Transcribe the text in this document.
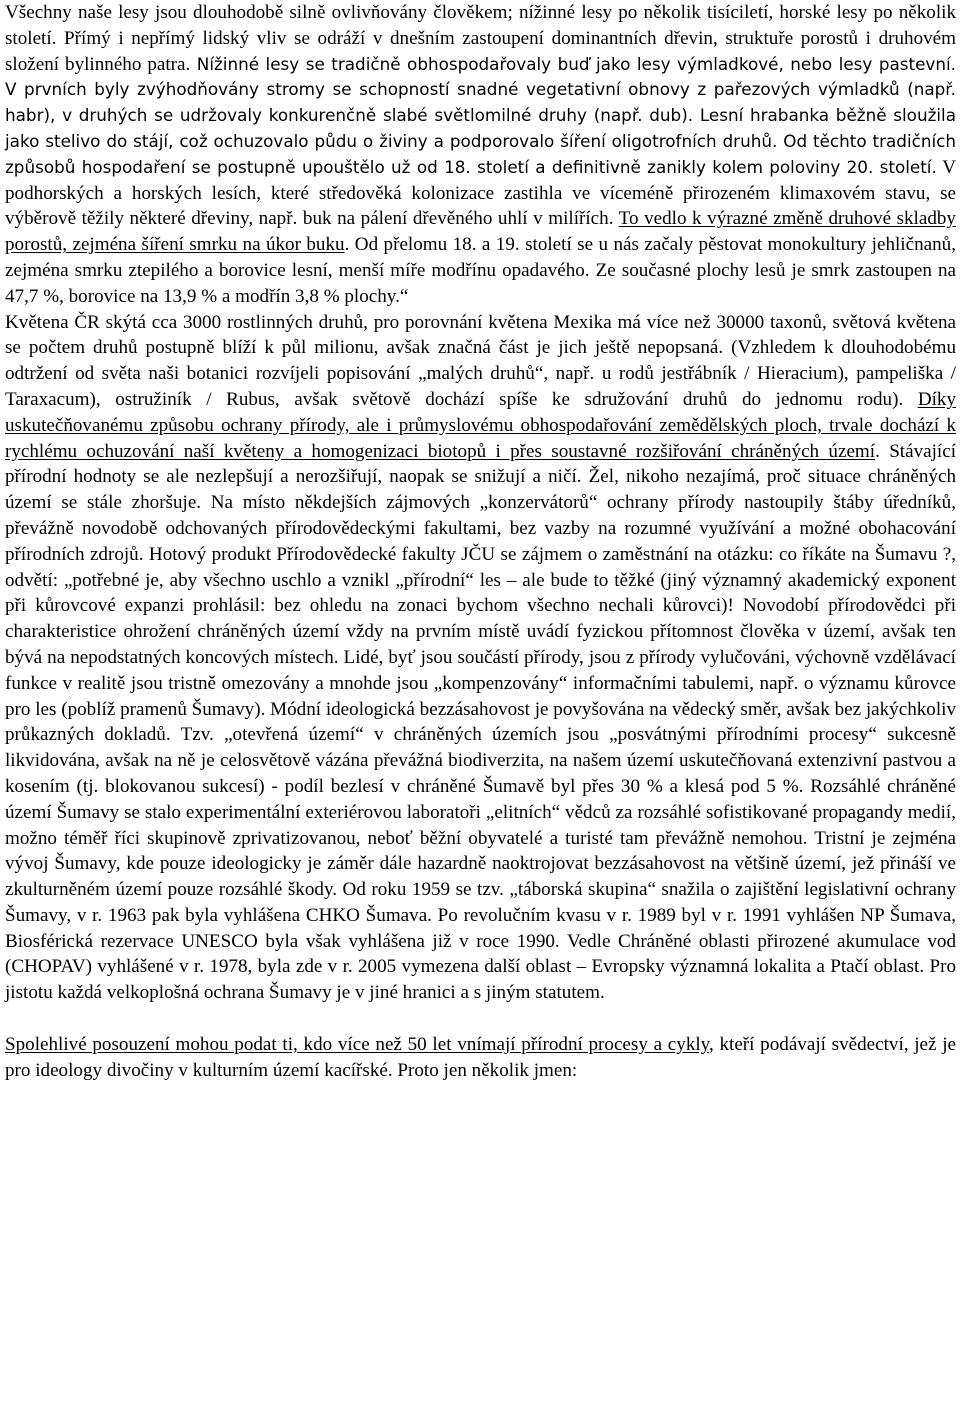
Všechny naše lesy jsou dlouhodobě silně ovlivňovány člověkem; nížinné lesy po několik tisíciletí, horské lesy po několik století. Přímý i nepřímý lidský vliv se odráží v dnešním zastoupení dominantních dřevin, struktuře porostů i druhovém složení bylinného patra. Nížinné lesy se tradičně obhospodařovaly buď jako lesy výmladkové, nebo lesy pastevní. V prvních byly zvýhodňovány stromy se schopností snadné vegetativní obnovy z pařezových výmladků (např. habr), v druhých se udržovaly konkurenčně slabé světlomilné druhy (např. dub). Lesní hrabanka běžně sloužila jako stelivo do stájí, což ochuzovalo půdu o živiny a podporovalo šíření oligotrofních druhů. Od těchto tradičních způsobů hospodaření se postupně upouštělo už od 18. století a definitivně zanikly kolem poloviny 20. století. V podhorských a horských lesích, které středověká kolonizace zastihla ve víceméně přirozeném klimaxovém stavu, se výběrově těžily některé dřeviny, např. buk na pálení dřevěného uhlí v milířích. To vedlo k výrazné změně druhové skladby porostů, zejména šíření smrku na úkor buku. Od přelomu 18. a 19. století se u nás začaly pěstovat monokultury jehličnanů, zejména smrku ztepilého a borovice lesní, menší míře modřínu opadavého. Ze současné plochy lesů je smrk zastoupen na 47,7 %, borovice na 13,9 % a modřín 3,8 % plochy.“

Květena ČR skýtá cca 3000 rostlinných druhů, pro porovnání květena Mexika má více než 30000 taxonů, světová květena se počtem druhů postupně blíží k půl milionu, avšak značná část je jich ještě nepopsaná. (Vzhledem k dlouhodobému odtržení od světa naši botanici rozvíjeli popisování „malých druhů“, např. u rodů jestřábník / Hieracium), pampeliška / Taraxacum), ostružiník / Rubus, avšak světově dochází spíše ke sdružování druhů do jednomu rodu). Díky uskutečňovanému způsobu ochrany přírody, ale i průmyslovému obhospodařování zemědělských ploch, trvale dochází k rychlému ochuzování naší květeny a homogenizaci biotopů i přes soustavné rozšiřování chráněných území. Stávající přírodní hodnoty se ale nezlepšují a nerozšiřují, naopak se snižují a ničí. Žel, nikoho nezajímá, proč situace chráněných území se stále zhoršuje. Na místo někdejších zájmových „konzervátorů“ ochrany přírody nastoupily štáby úředníků, převážně novodobě odchovaných přírodovědeckými fakultami, bez vazby na rozumné využívání a možné obohacování přírodních zdrojů. Hotový produkt Přírodovědecké fakulty JČU se zájmem o zaměstnání na otázku: co říkáte na Šumavu ?, odvětí: „potřebné je, aby všechno uschlo a vznikl „přírodní“ les – ale bude to těžké (jiný významný akademický exponent při kůrovcové expanzi prohlásil: bez ohledu na zonaci bychom všechno nechali kůrovci)! Novodobí přírodovědci při charakteristice ohrožení chráněných území vždy na prvním místě uvádí fyzickou přítomnost člověka v území, avšak ten bývá na nepodstatných koncových místech. Lidé, byť jsou součástí přírody, jsou z přírody vylučováni, výchovně vzdělávací funkce v realitě jsou tristně omezovány a mnohde jsou „kompenzovány“ informačními tabulemi, např. o významu kůrovce pro les (poblíž pramenů Šumavy). Módní ideologická bezzásahovost je povyšována na vědecký směr, avšak bez jakýchkoliv průkazných dokladů. Tzv. „otevřená území“ v chráněných územích jsou „posvátnými přírodními procesy“ sukcesně likvidována, avšak na ně je celosvětově vázána převážná biodiverzita, na našem území uskutečňovaná extenzivní pastvou a kosením (tj. blokovanou sukcesí) - podíl bezlesí v chráněné Šumavě byl přes 30 % a klesá pod 5 %. Rozsáhlé chráněné území Šumavy se stalo experimentální exteriérovou laboratoři „elitních“ vědců za rozsáhlé sofistikované propagandy medií, možno téměř říci skupinově zprivatizovanou, neboť běžní obyvatelé a turisté tam převážně nemohou. Tristní je zejména vývoj Šumavy, kde pouze ideologicky je záměr dále hazardně naoktrojovat bezzásahovost na většině území, jež přináší ve zkulturněném území pouze rozsáhlé škody. Od roku 1959 se tzv. „táborská skupina“ snažila o zajištění legislativní ochrany Šumavy, v r. 1963 pak byla vyhlášena CHKO Šumava. Po revolučním kvasu v r. 1989 byl v r. 1991 vyhlášen NP Šumava, Biosférická rezervace UNESCO byla však vyhlášena již v roce 1990. Vedle Chráněné oblasti přirozené akumulace vod (CHOPAV) vyhlášené v r. 1978, byla zde v r. 2005 vymezena další oblast – Evropsky významná lokalita a Ptačí oblast. Pro jistotu každá velkoplošná ochrana Šumavy je v jiné hranici a s jiným statutem.

Spolehlivé posouzení mohou podat ti, kdo více než 50 let vnímají přírodní procesy a cykly, kteří podávají svědectví, jež je pro ideology divočiny v kulturním území kacířské. Proto jen několik jmen:
